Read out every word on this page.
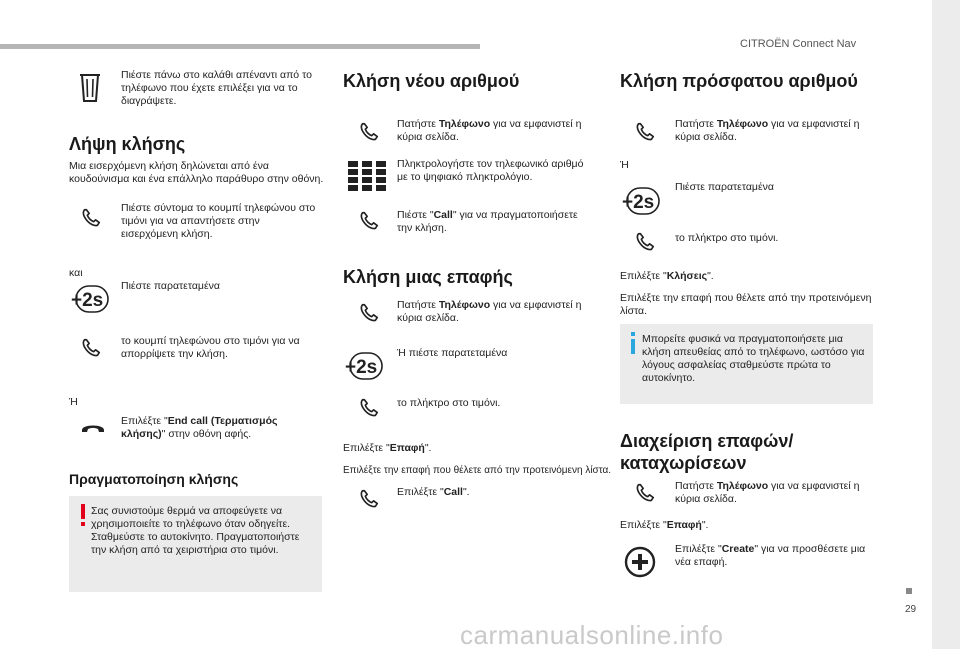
CITROËN Connect Nav
29
Πιέστε πάνω στο καλάθι απέναντι από το τηλέφωνο που έχετε επιλέξει για να το διαγράψετε.
Λήψη κλήσης
Μια εισερχόμενη κλήση δηλώνεται από ένα κουδούνισμα και ένα επάλληλο παράθυρο στην οθόνη.
Πιέστε σύντομα το κουμπί τηλεφώνου στο τιμόνι για να απαντήσετε στην εισερχόμενη κλήση.
και
+2s
Πιέστε παρατεταμένα
το κουμπί τηλεφώνου στο τιμόνι για να απορρίψετε την κλήση.
Ή
Επιλέξτε "End call (Τερματισμός κλήσης)" στην οθόνη αφής.
Πραγματοποίηση κλήσης
Σας συνιστούμε θερμά να αποφεύγετε να χρησιμοποιείτε το τηλέφωνο όταν οδηγείτε. Σταθμεύστε το αυτοκίνητο. Πραγματοποιήστε την κλήση από τα χειριστήρια στο τιμόνι.
Κλήση νέου αριθμού
Πατήστε Τηλέφωνο για να εμφανιστεί η κύρια σελίδα.
Πληκτρολογήστε τον τηλεφωνικό αριθμό με το ψηφιακό πληκτρολόγιο.
Πιέστε "Call" για να πραγματοποιήσετε την κλήση.
Κλήση μιας επαφής
Πατήστε Τηλέφωνο για να εμφανιστεί η κύρια σελίδα.
+2s
Ή πιέστε παρατεταμένα
το πλήκτρο στο τιμόνι.
Επιλέξτε "Επαφή".
Επιλέξτε την επαφή που θέλετε από την προτεινόμενη λίστα.
Επιλέξτε "Call".
Κλήση πρόσφατου αριθμού
Πατήστε Τηλέφωνο για να εμφανιστεί η κύρια σελίδα.
Ή
+2s
Πιέστε παρατεταμένα
το πλήκτρο στο τιμόνι.
Επιλέξτε "Κλήσεις".
Επιλέξτε την επαφή που θέλετε από την προτεινόμενη λίστα.
Μπορείτε φυσικά να πραγματοποιήσετε μια κλήση απευθείας από το τηλέφωνο, ωστόσο για λόγους ασφαλείας σταθμεύστε πρώτα το αυτοκίνητο.
Διαχείριση επαφών/ καταχωρίσεων
Πατήστε Τηλέφωνο για να εμφανιστεί η κύρια σελίδα.
Επιλέξτε "Επαφή".
Επιλέξτε "Create" για να προσθέσετε μια νέα επαφή.
carmanualsonline.info
